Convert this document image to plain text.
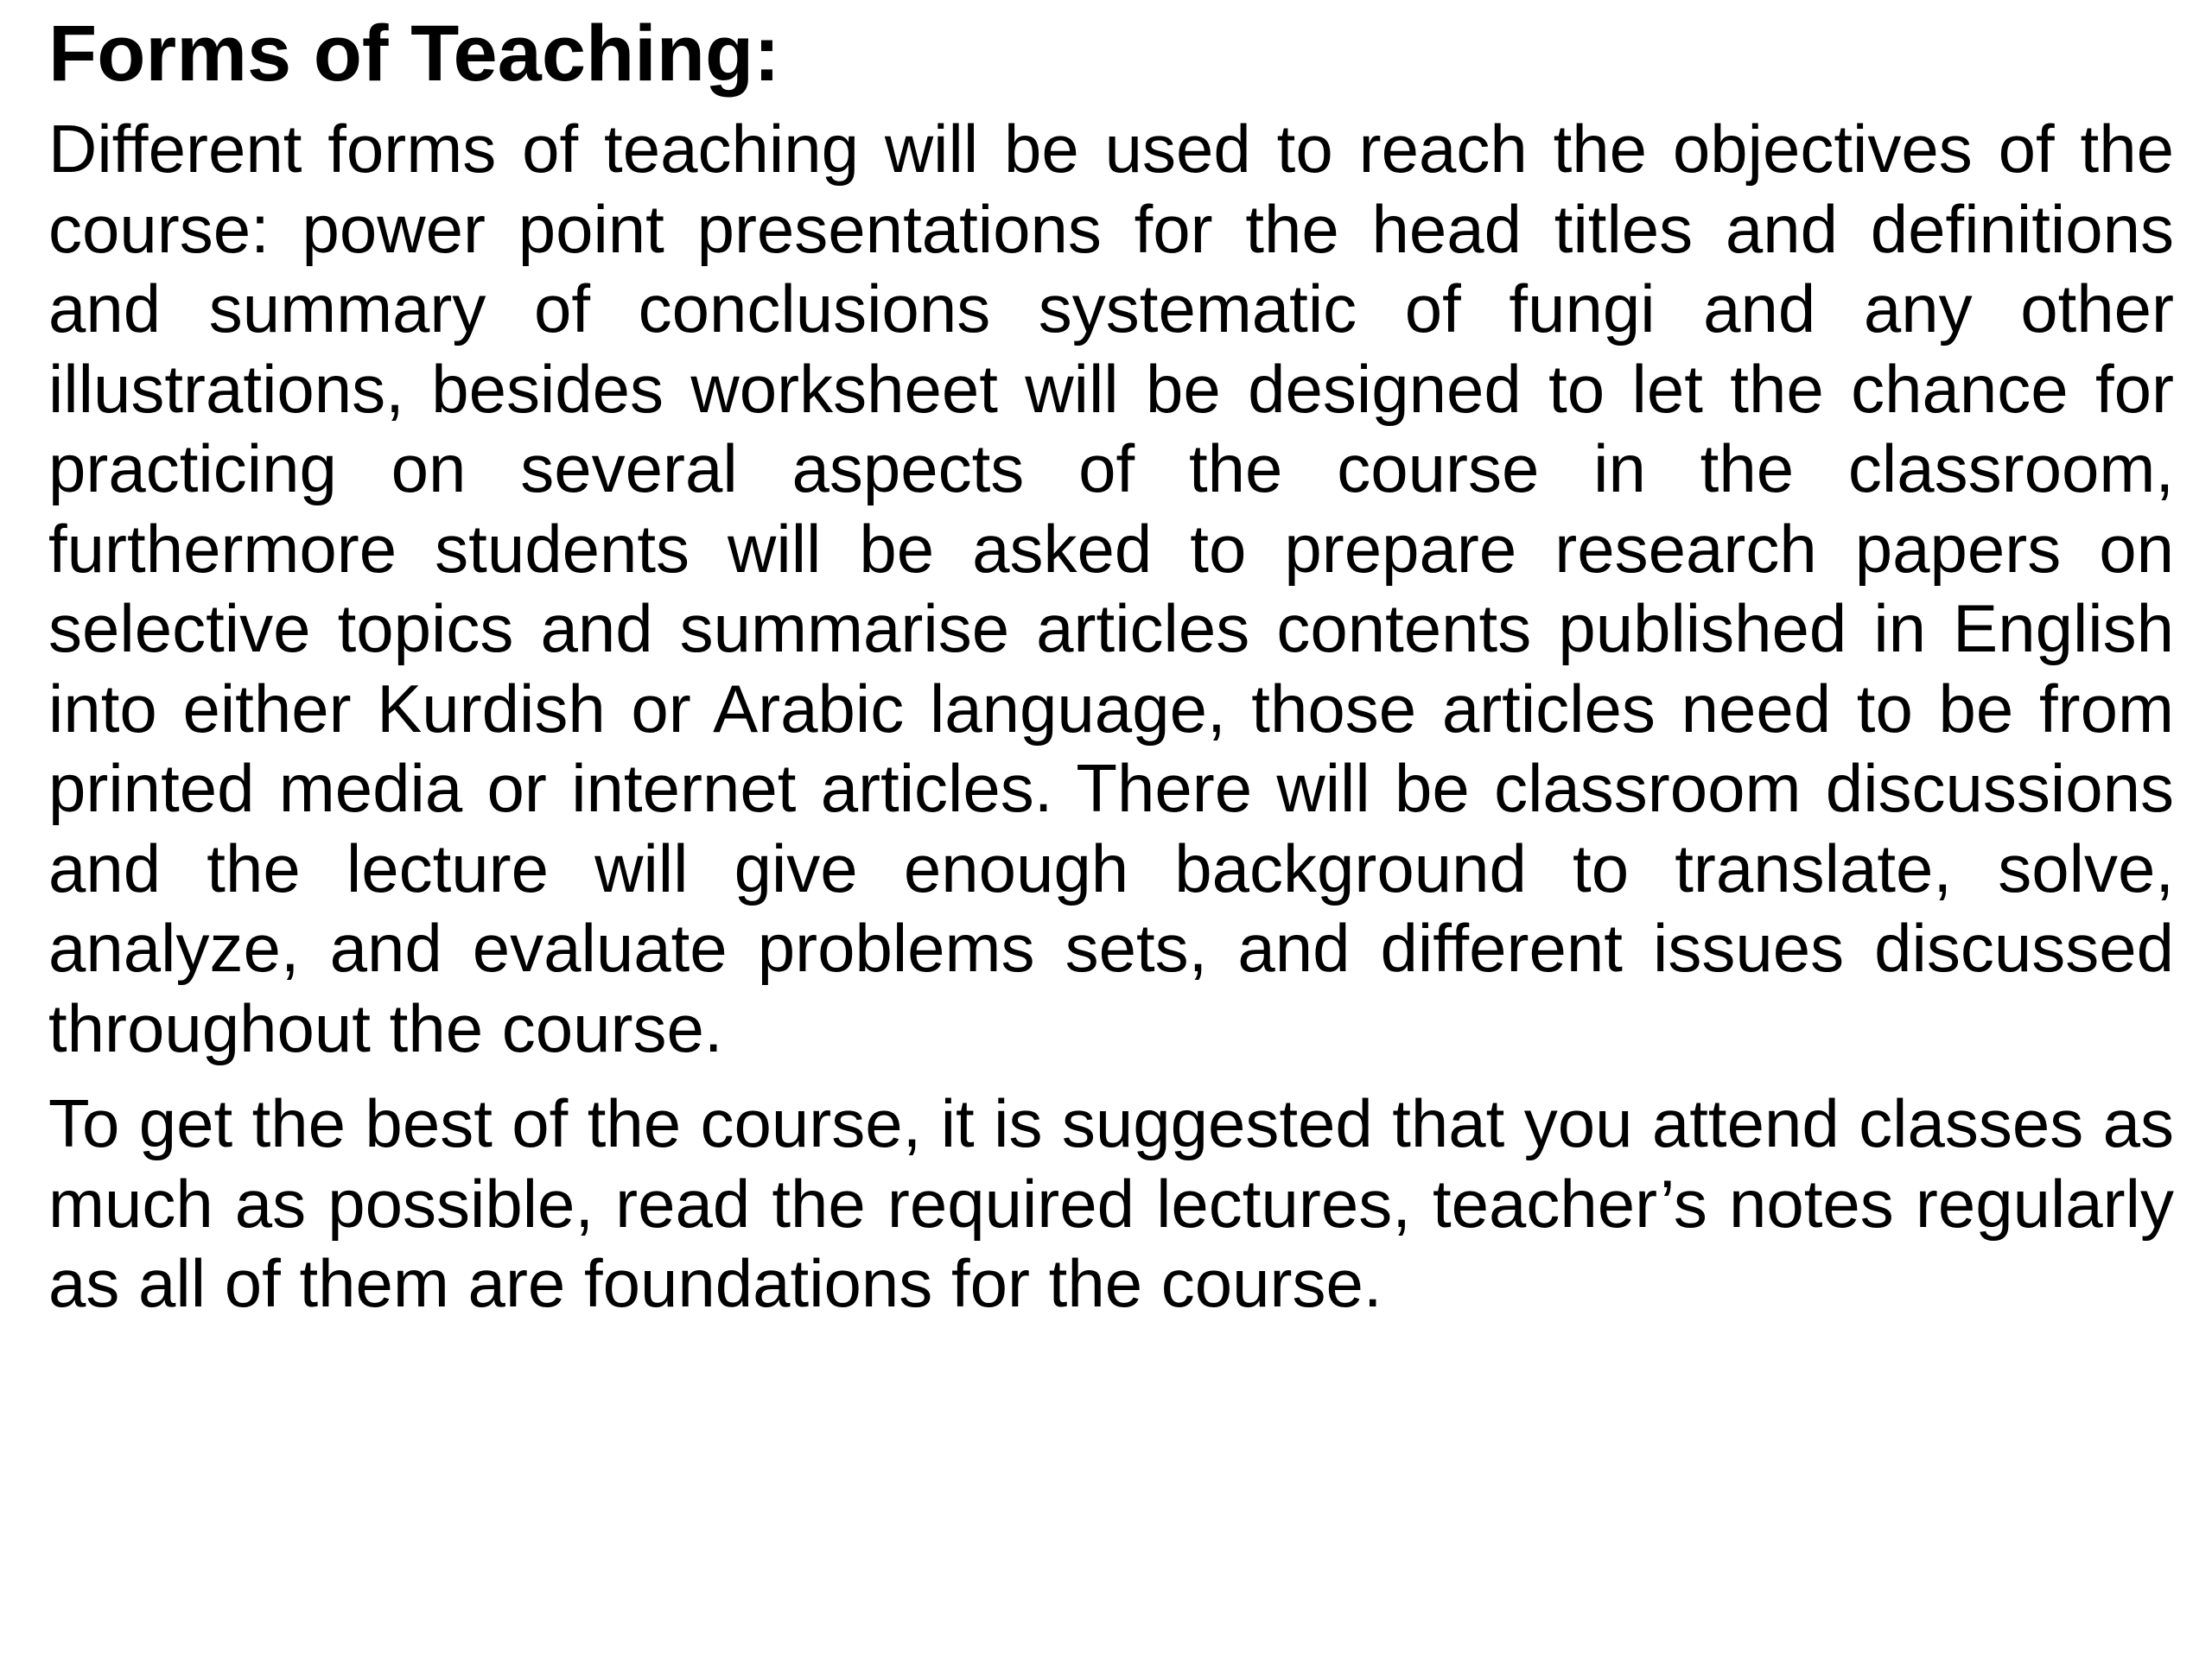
Forms of Teaching:

Different forms of teaching will be used to reach the objectives of the course: power point presentations for the head titles and definitions and summary of conclusions systematic of fungi and any other illustrations, besides worksheet will be designed to let the chance for practicing on several aspects of the course in the classroom, furthermore students will be asked to prepare research papers on selective topics and summarise articles contents published in English into either Kurdish or Arabic language, those articles need to be from printed media or internet articles. There will be classroom discussions and the lecture will give enough background to translate, solve, analyze, and evaluate problems sets, and different issues discussed throughout the course.

To get the best of the course, it is suggested that you attend classes as much as possible, read the required lectures, teacher’s notes regularly as all of them are foundations for the course.
